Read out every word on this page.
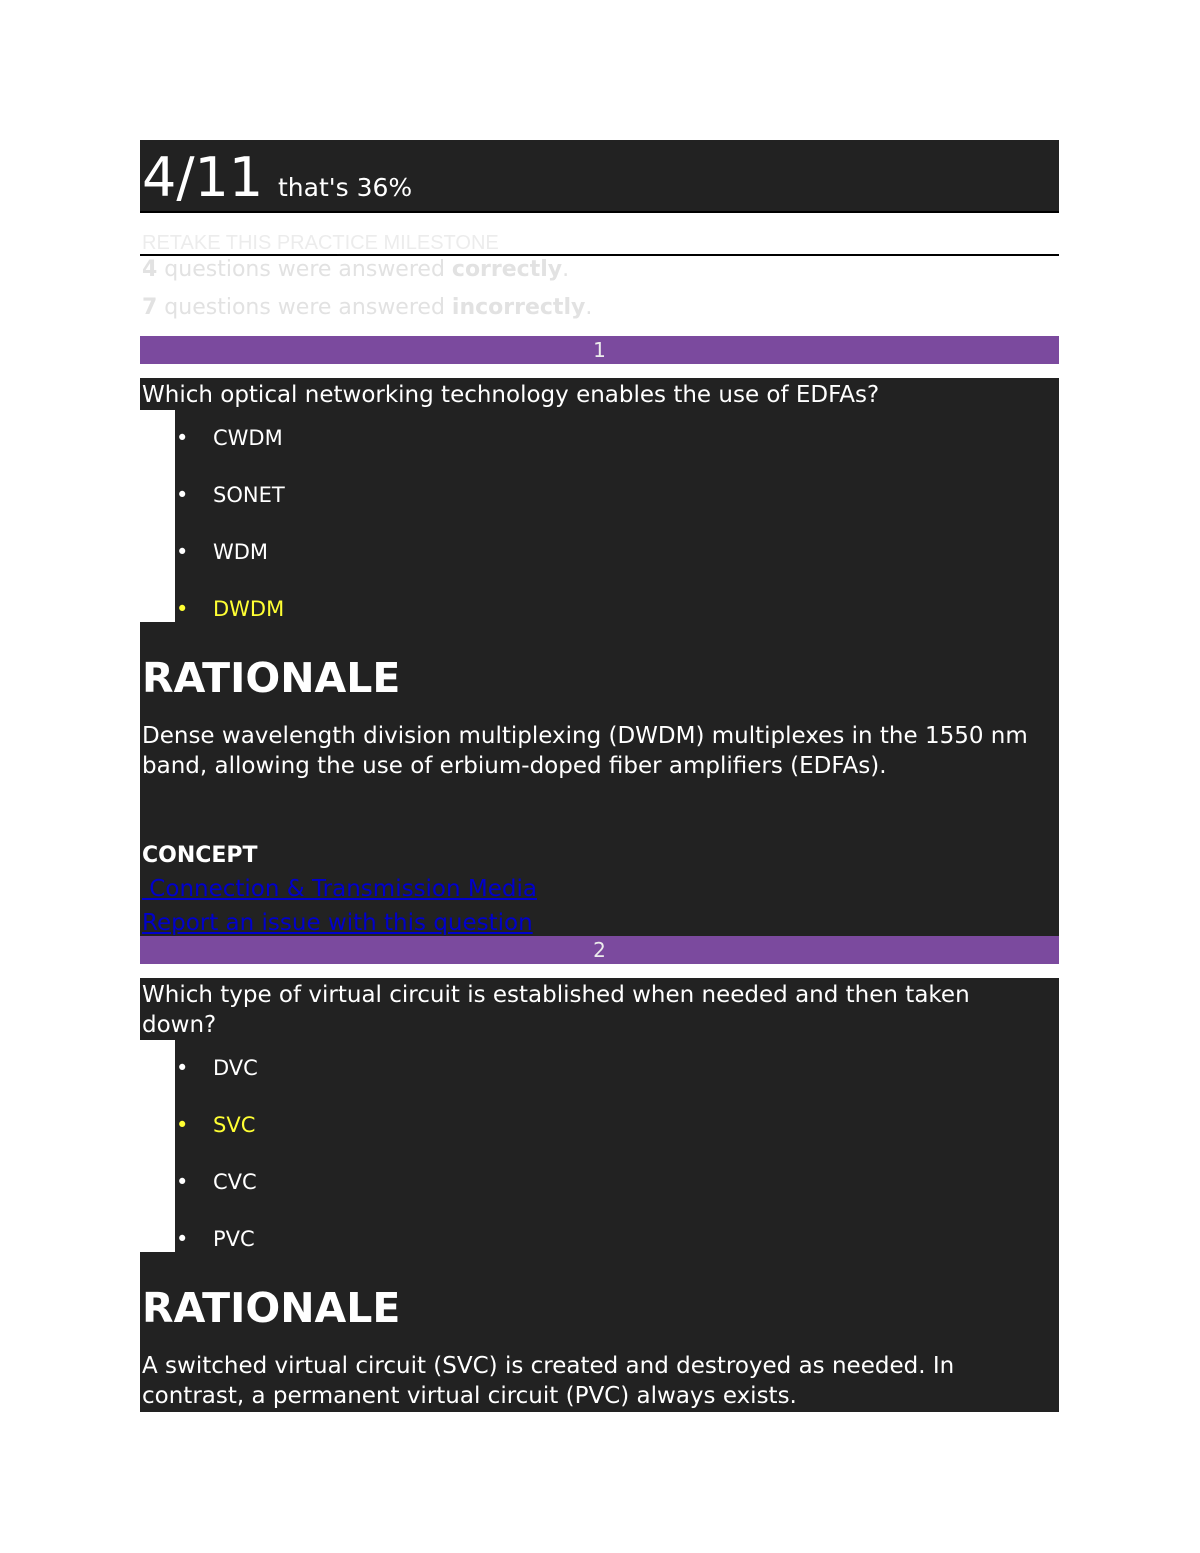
4/11 that's 36%
RETAKE THIS PRACTICE MILESTONE
4 questions were answered correctly.
7 questions were answered incorrectly.
1
Which optical networking technology enables the use of EDFAs?
• CWDM
• SONET
• WDM
• DWDM
RATIONALE
Dense wavelength division multiplexing (DWDM) multiplexes in the 1550 nm band, allowing the use of erbium-doped fiber amplifiers (EDFAs).
CONCEPT
Connection & Transmission Media
Report an issue with this question
2
Which type of virtual circuit is established when needed and then taken down?
• DVC
• SVC
• CVC
• PVC
RATIONALE
A switched virtual circuit (SVC) is created and destroyed as needed. In contrast, a permanent virtual circuit (PVC) always exists.
